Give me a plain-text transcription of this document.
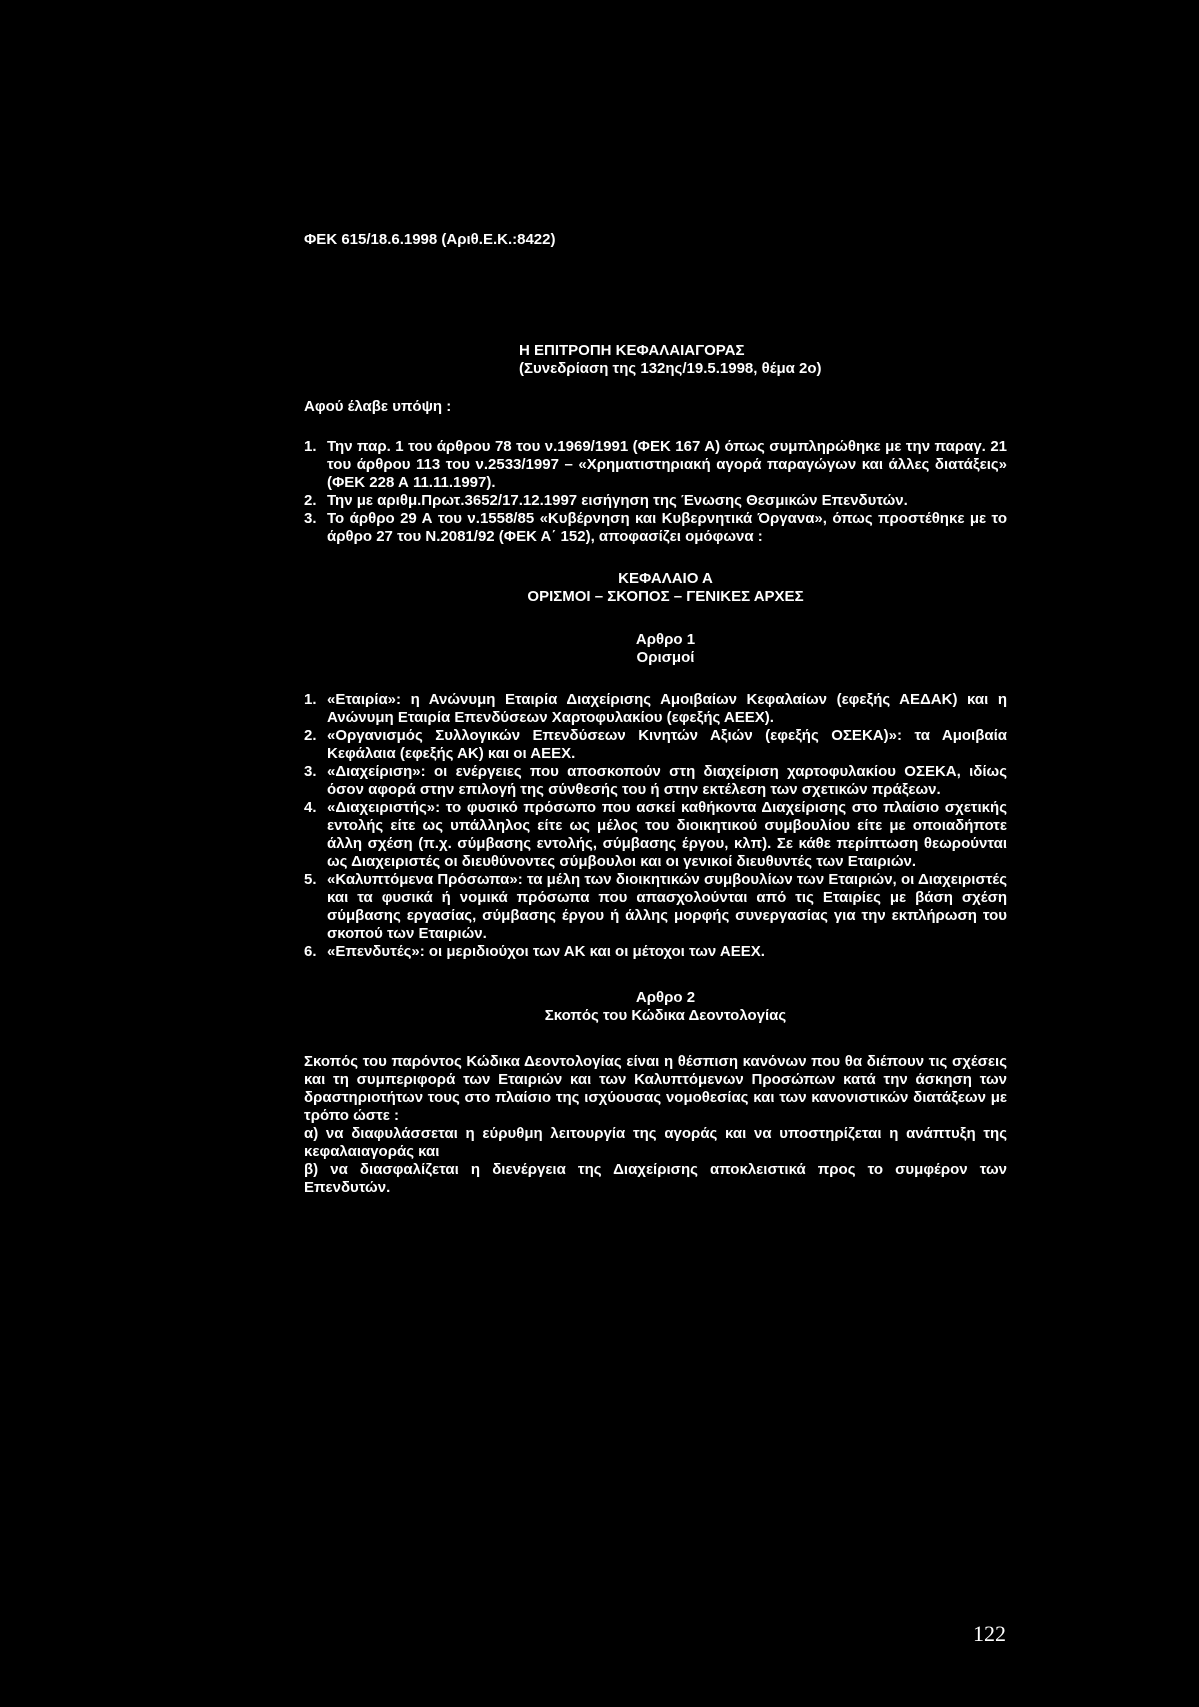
ΦΕΚ 615/18.6.1998 (Αριθ.Ε.Κ.:8422)
Η ΕΠΙΤΡΟΠΗ ΚΕΦΑΛΑΙΑΓΟΡΑΣ
(Συνεδρίαση της 132ης/19.5.1998, θέμα 2ο)
Αφού έλαβε υπόψη :
1. Την παρ. 1 του άρθρου 78 του ν.1969/1991 (ΦΕΚ 167 Α) όπως συμπληρώθηκε με την παραγ. 21 του άρθρου 113 του ν.2533/1997 – «Χρηματιστηριακή αγορά παραγώγων και άλλες διατάξεις» (ΦΕΚ 228 Α 11.11.1997).
2. Την με αριθμ.Πρωτ.3652/17.12.1997 εισήγηση της Ένωσης Θεσμικών Επενδυτών.
3. Το άρθρο 29 Α του ν.1558/85 «Κυβέρνηση και Κυβερνητικά Όργανα», όπως προστέθηκε με το άρθρο 27 του Ν.2081/92 (ΦΕΚ Α΄ 152), αποφασίζει ομόφωνα :
ΚΕΦΑΛΑΙΟ Α
ΟΡΙΣΜΟΙ – ΣΚΟΠΟΣ – ΓΕΝΙΚΕΣ ΑΡΧΕΣ
Αρθρο 1
Ορισμοί
1. «Εταιρία»: η Ανώνυμη Εταιρία Διαχείρισης Αμοιβαίων Κεφαλαίων (εφεξής ΑΕΔΑΚ) και η Ανώνυμη Εταιρία Επενδύσεων Χαρτοφυλακίου (εφεξής ΑΕΕΧ).
2. «Οργανισμός Συλλογικών Επενδύσεων Κινητών Αξιών (εφεξής ΟΣΕΚΑ)»: τα Αμοιβαία Κεφάλαια (εφεξής ΑΚ) και οι ΑΕΕΧ.
3. «Διαχείριση»: οι ενέργειες που αποσκοπούν στη διαχείριση χαρτοφυλακίου ΟΣΕΚΑ, ιδίως όσον αφορά στην επιλογή της σύνθεσής του ή στην εκτέλεση των σχετικών πράξεων.
4. «Διαχειριστής»: το φυσικό πρόσωπο που ασκεί καθήκοντα Διαχείρισης στο πλαίσιο σχετικής εντολής είτε ως υπάλληλος είτε ως μέλος του διοικητικού συμβουλίου είτε με οποιαδήποτε άλλη σχέση (π.χ. σύμβασης εντολής, σύμβασης έργου, κλπ). Σε κάθε περίπτωση θεωρούνται ως Διαχειριστές οι διευθύνοντες σύμβουλοι και οι γενικοί διευθυντές των Εταιριών.
5. «Καλυπτόμενα Πρόσωπα»: τα μέλη των διοικητικών συμβουλίων των Εταιριών, οι Διαχειριστές και τα φυσικά ή νομικά πρόσωπα που απασχολούνται από τις Εταιρίες με βάση σχέση σύμβασης εργασίας, σύμβασης έργου ή άλλης μορφής συνεργασίας για την εκπλήρωση του σκοπού των Εταιριών.
6. «Επενδυτές»: οι μεριδιούχοι των ΑΚ και οι μέτοχοι των ΑΕΕΧ.
Αρθρο 2
Σκοπός του Κώδικα Δεοντολογίας
Σκοπός του παρόντος Κώδικα Δεοντολογίας είναι η θέσπιση κανόνων που θα διέπουν τις σχέσεις και τη συμπεριφορά των Εταιριών και των Καλυπτόμενων Προσώπων κατά την άσκηση των δραστηριοτήτων τους στο πλαίσιο της ισχύουσας νομοθεσίας και των κανονιστικών διατάξεων με τρόπο ώστε :
α) να διαφυλάσσεται η εύρυθμη λειτουργία της αγοράς και να υποστηρίζεται η ανάπτυξη της κεφαλαιαγοράς και
β) να διασφαλίζεται η διενέργεια της Διαχείρισης αποκλειστικά προς το συμφέρον των Επενδυτών.
122
